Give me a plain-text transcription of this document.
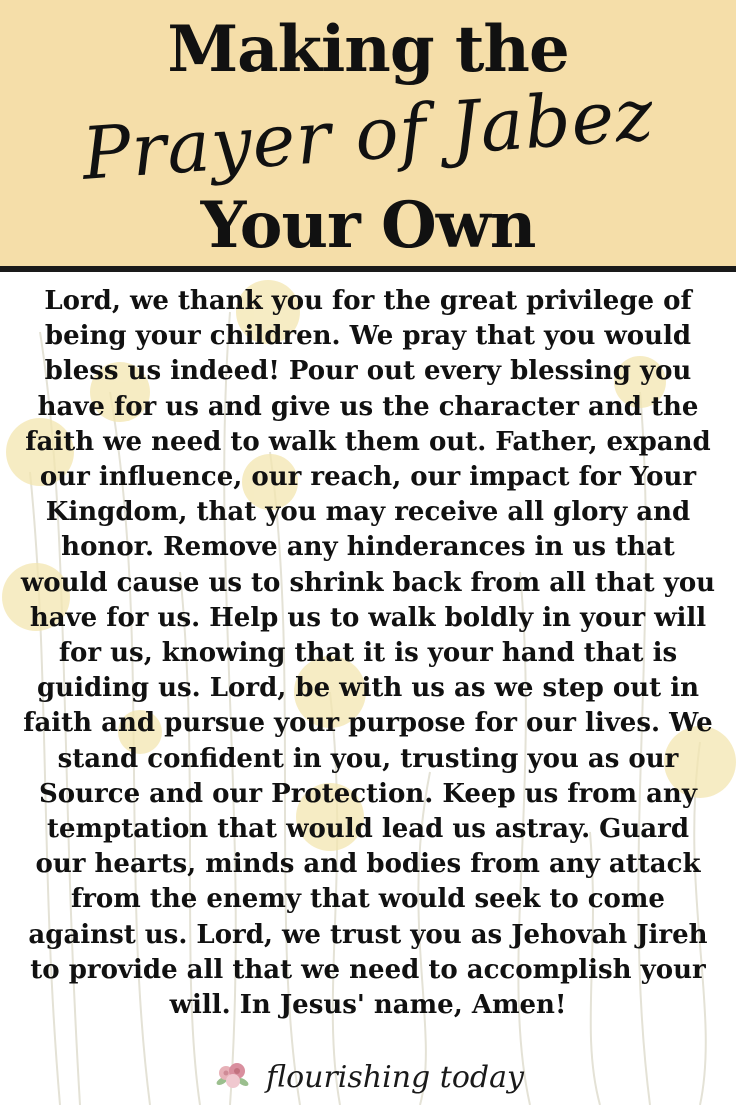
Making the
Prayer of Jabez
Your Own

Lord, we thank you for the great privilege of being your children. We pray that you would bless us indeed! Pour out every blessing you have for us and give us the character and the faith we need to walk them out. Father, expand our influence, our reach, our impact for Your Kingdom, that you may receive all glory and honor. Remove any hinderances in us that would cause us to shrink back from all that you have for us. Help us to walk boldly in your will for us, knowing that it is your hand that is guiding us. Lord, be with us as we step out in faith and pursue your purpose for our lives. We stand confident in you, trusting you as our Source and our Protection. Keep us from any temptation that would lead us astray. Guard our hearts, minds and bodies from any attack from the enemy that would seek to come against us. Lord, we trust you as Jehovah Jireh to provide all that we need to accomplish your will. In Jesus' name, Amen!

flourishing today
